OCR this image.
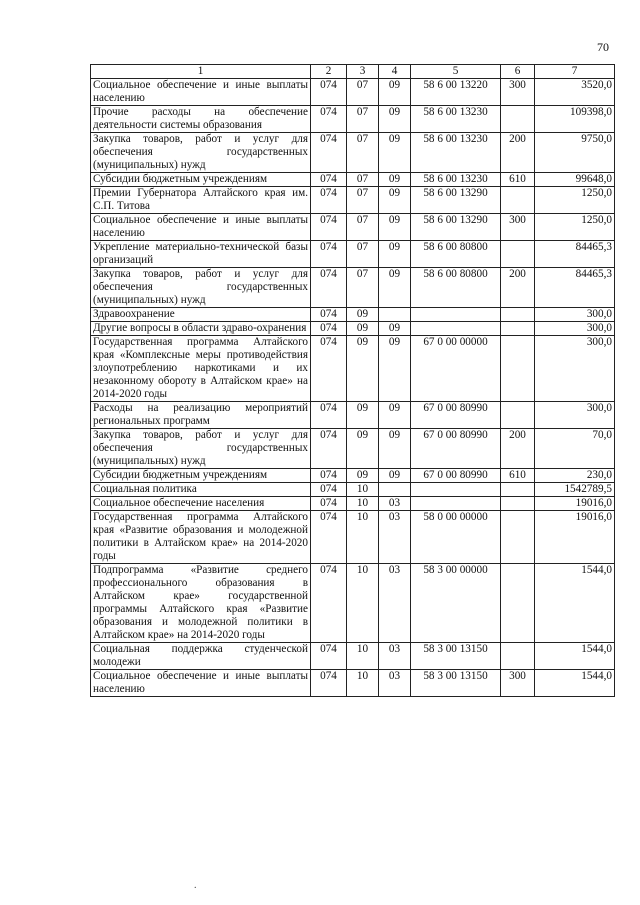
70
1	2	3	4	5	6	7
Социальное обеспечение и иные выплаты населению	074	07	09	58 6 00 13220	300	3520,0
Прочие расходы на обеспечение деятельности системы образования	074	07	09	58 6 00 13230		109398,0
Закупка товаров, работ и услуг для обеспечения государственных (муниципальных) нужд	074	07	09	58 6 00 13230	200	9750,0
Субсидии бюджетным учреждениям	074	07	09	58 6 00 13230	610	99648,0
Премии Губернатора Алтайского края им. С.П. Титова	074	07	09	58 6 00 13290		1250,0
Социальное обеспечение и иные выплаты населению	074	07	09	58 6 00 13290	300	1250,0
Укрепление материально-технической базы организаций	074	07	09	58 6 00 80800		84465,3
Закупка товаров, работ и услуг для обеспечения государственных (муниципальных) нужд	074	07	09	58 6 00 80800	200	84465,3
Здравоохранение	074	09				300,0
Другие вопросы в области здраво-охранения	074	09	09			300,0
Государственная программа Алтайского края «Комплексные меры противодействия злоупотреблению наркотиками и их незаконному обороту в Алтайском крае» на 2014-2020 годы	074	09	09	67 0 00 00000		300,0
Расходы на реализацию мероприятий региональных программ	074	09	09	67 0 00 80990		300,0
Закупка товаров, работ и услуг для обеспечения государственных (муниципальных) нужд	074	09	09	67 0 00 80990	200	70,0
Субсидии бюджетным учреждениям	074	09	09	67 0 00 80990	610	230,0
Социальная политика	074	10				1542789,5
Социальное обеспечение населения	074	10	03			19016,0
Государственная программа Алтайского края «Развитие образования и молодежной политики в Алтайском крае» на 2014-2020 годы	074	10	03	58 0 00 00000		19016,0
Подпрограмма «Развитие среднего профессионального образования в Алтайском крае» государственной программы Алтайского края «Развитие образования и молодежной политики в Алтайском крае» на 2014-2020 годы	074	10	03	58 3 00 00000		1544,0
Социальная поддержка студенческой молодежи	074	10	03	58 3 00 13150		1544,0
Социальное обеспечение и иные выплаты населению	074	10	03	58 3 00 13150	300	1544,0
.
